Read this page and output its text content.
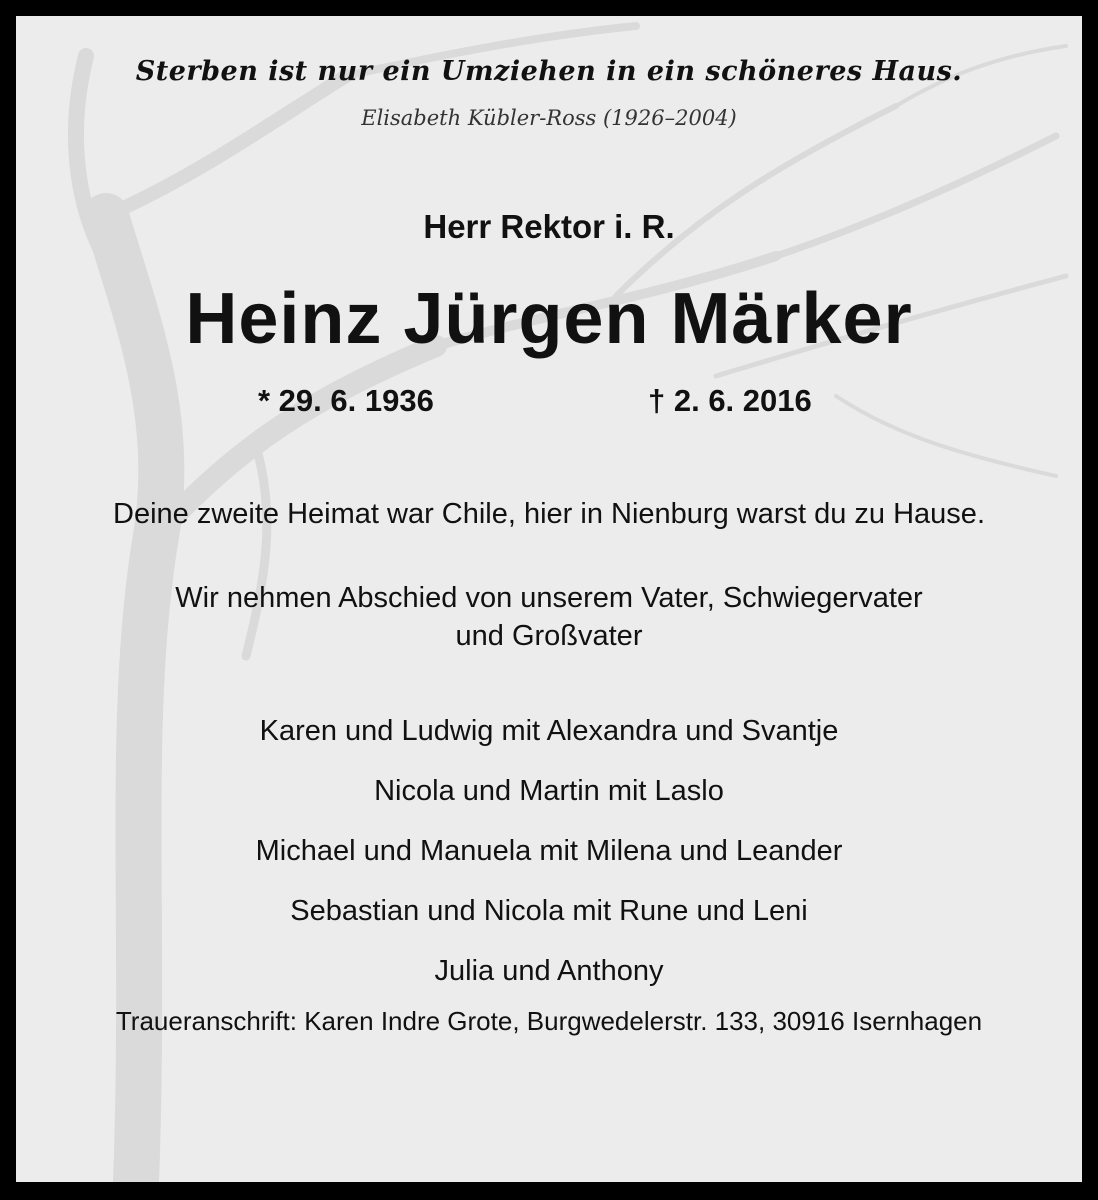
Sterben ist nur ein Umziehen in ein schöneres Haus.
Elisabeth Kübler-Ross (1926–2004)
Herr Rektor i. R.
Heinz Jürgen Märker
* 29. 6. 1936	† 2. 6. 2016
Deine zweite Heimat war Chile, hier in Nienburg warst du zu Hause.
Wir nehmen Abschied von unserem Vater, Schwiegervater
und Großvater
Karen und Ludwig mit Alexandra und Svantje
Nicola und Martin mit Laslo
Michael und Manuela mit Milena und Leander
Sebastian und Nicola mit Rune und Leni
Julia und Anthony
Traueranschrift: Karen Indre Grote, Burgwedelerstr. 133, 30916 Isernhagen
